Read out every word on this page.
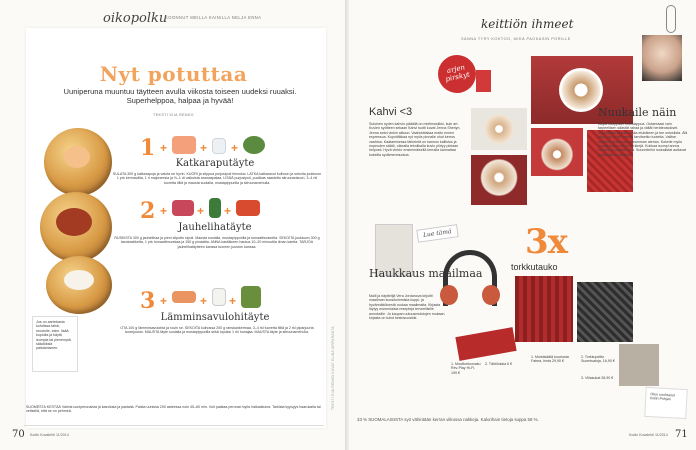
oikopolku
KOONNUT MEILLA KAINILLA NELJA ENNA
Nyt potuttaa
Uuniperuna muuntuu täytteen avulla viikosta toiseen uudeksi ruuaksi. Superhelppoa, halpaa ja hyvää!
TEKSTI KIIA RENKO
1 +	+ +
Katkaraputäyte
SULATA 300 g katkarapuja ja valuta ne hyvin. KUORI ja silppua purjosipuli hienoksi. LATKA katkaravut kulhoon ja sekoita joukkoon 1 prk kermaviilia, 1 rl majoneesia ja ½–1 dl valkoista ananaspalaa. LISÄÄ purjosipuli, puolikas raastettu sitruunankuori, 3–4 rkl tuoretta tilliä ja mausta suolalla, mustapippurilla ja sitruunamehulla.
2 + + +
Jauhelihatäyte
RUSKISTA 300 g jauhelihaa ja pieni silputtu sipuli. Mausta suolalla, mustapippurilla ja tomaattisoseella. SEKOITA joukkoon 300 g tacokastiketta, 1 prk tomaattimurskaa ja 150 g pinaattia. ANNA kastikkeen hautua 10–20 minuuttia ilman kantta. TARJOA jauhelihatäytteen kanssa tuoreen juuston kanssa.
3 +	+ +
Lämminsavulohitäyte
OTA 100 g lämminsavulohta ja rouhi se. SEKOITA kulhossa 200 g ranskankermaa, 3–4 rkl tuoretta tilliä ja 2 rkl piparjuurta tuorejuusto. MAUSTA täyte suolalla ja mustapippurilla sekä lopuksi 1 rkl hunajaa. MAUSTA täyte ja sitruunamehulla.
Jos on aarrebasia kohdissa tahdi, muotoile, esim. lisää kopioita ja käytä isompia tai pienempiä säädöksiä paistamiseen.
SUOMESTA KESTÄÄ Valmis uuniperunaista ja kasviksia ja pastalla. Paista uunissa 200 asteessa noin 45–60 min. Voit paistaa perunat myös halkaistuina. Tarkista kypsyys haarukalla tai veitsellä, että se on pehmeä.
TEKSTI KIIA RENKO KUVAT ELINA SIRPARANTA
70 Kodin Kuvalehti 11/2014
keittiön ihmeet
SANNA TYRY KOKTOO, MIKÄ PAOKASIN PORILLE
arjen pirskyt
Kahvi <3
Suloinen syden kahvin pääällä on mielimusiikki, kuin art. Kuvien syötteen sekaan Kahvi tuotti kuvat Jenna Sheriyn. Jenna antoi vinkin alkuun: Vaahdottakaa maito ennen espressoa. Kupoittikkaa nyt myös pinnalle ohut kerros vaahtoa. Kaatamisessa tärkeintä on kannun kallistus ja nopeuden säätö, oikealla tekniikalla kuvio piirtyy pintaan helposti. Hyvä vinkki: ensimmäisellä kerralla kannattaa kokeilla sydämenmuotoa.
Nuukaile näin
Käytä kauppaan ostoslappua. Ostaessasi vain tarpeellisen säästät rahaa ja vältät heräteostokset. Suunnittele päivän ruoka etukäteen ja tee ostoslista. Älä osta, jos et ole varma, tarvitsetko tuotetta. Valitse tuotteita, joista saa useamman aterian. Kokeile myös ruokakaupan omia merkkejä. Kokkaa isompi annos kerralla ja pakasta osa. Suunnitellut ruokalistat auttavat pysymään budjetissa.
Lue tämä 3x
torkkutauko
1. Muistisäätä kuoriosta Fatma, hinta 29,90 €
2. Torkkupeitto Suomisatoja, 16,90 €
3. Villasukat 28,90 €
Haukkaus maailmaa
Malli ja näyttelijä Vera Jordanova kirjoitti maailman suosituimmista kuppi- ja hyvännäköisestä ruokaa maailmalta. Kirjasta löytyy monenlaisia resepteja terveellisille annoksille. Jo kaupan uutuusmuistojen mukaan kirjasta on tullut kestosuosikki.
1. Moottorikorvaku Rev-Play Hi-Fi, 199 €
2. Tähtiloksia 6 €
Olen unohtanut kotiin Pohjan
33 % SUOMALAISISTA syö vähintään kerran viikossa nakkeja. Kalorihain tietoja suppa 58 %.
Kodin Kuvalehti 11/2014 71
